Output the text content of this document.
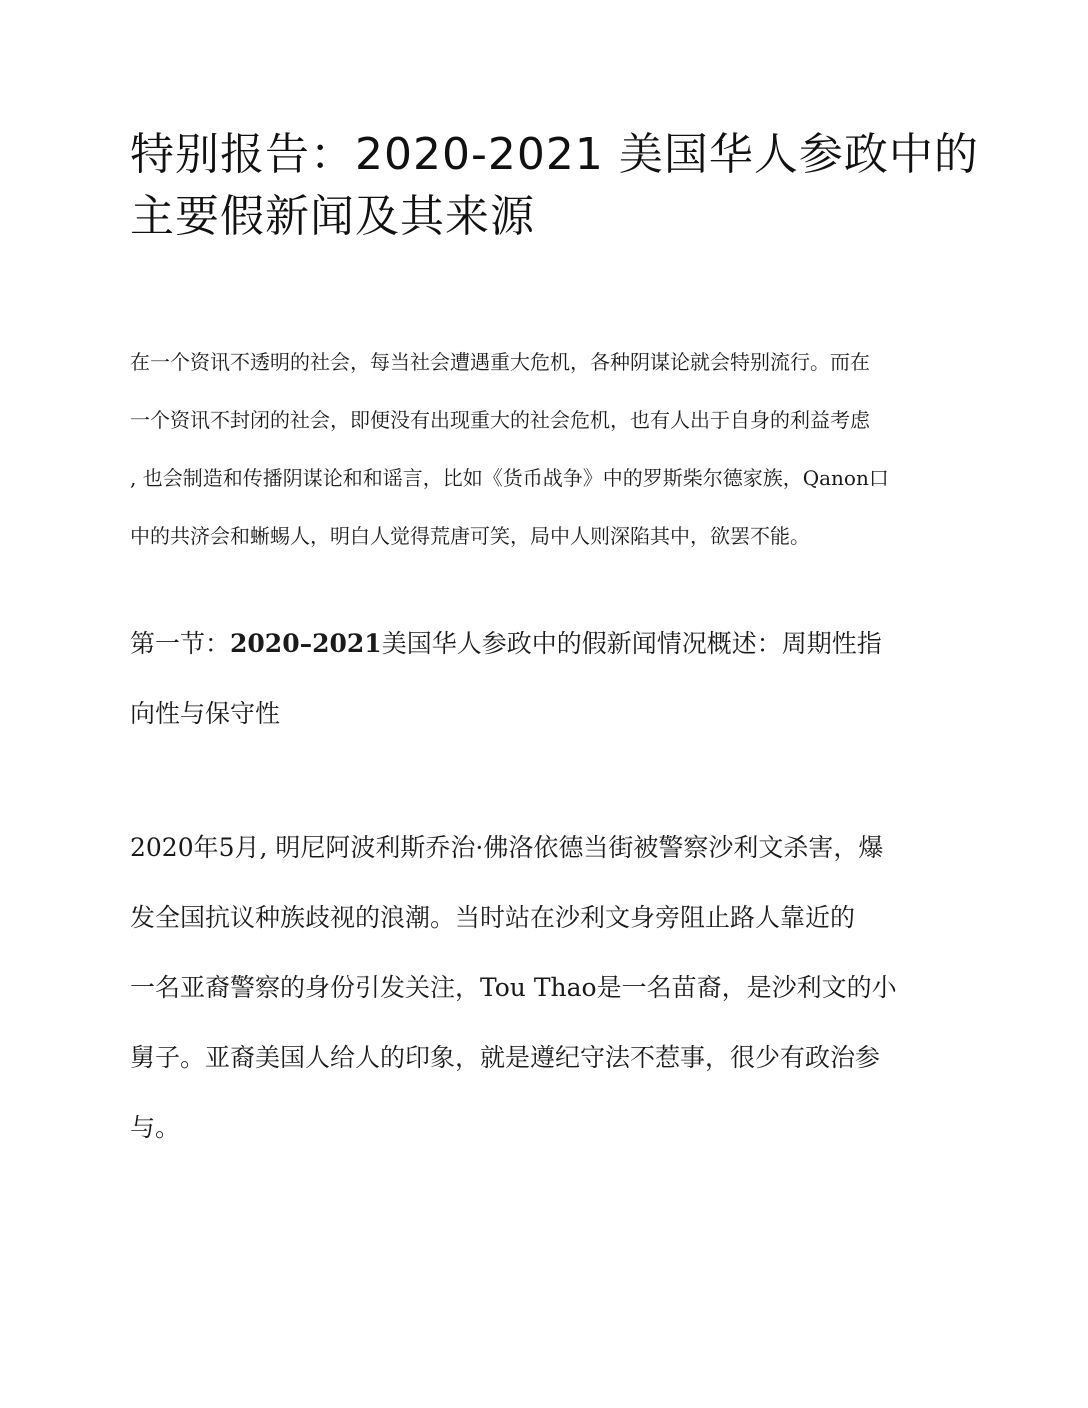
特别报告：2020-2021 美国华人参政中的
主要假新闻及其来源
在一个资讯不透明的社会，每当社会遭遇重大危机，各种阴谋论就会特别流行。而在
一个资讯不封闭的社会，即便没有出现重大的社会危机，也有人出于自身的利益考虑
, 也会制造和传播阴谋论和和谣言，比如《货币战争》中的罗斯柴尔德家族，Qanon口
中的共济会和蜥蜴人，明白人觉得荒唐可笑，局中人则深陷其中，欲罢不能。
第一节：2020–2021美国华人参政中的假新闻情况概述：周期性指
向性与保守性
2020年5月, 明尼阿波利斯乔治·佛洛依德当街被警察沙利文杀害，爆
发全国抗议种族歧视的浪潮。当时站在沙利文身旁阻止路人靠近的
一名亚裔警察的身份引发关注，Tou Thao是一名苗裔，是沙利文的小
舅子。亚裔美国人给人的印象，就是遵纪守法不惹事，很少有政治参
与。
